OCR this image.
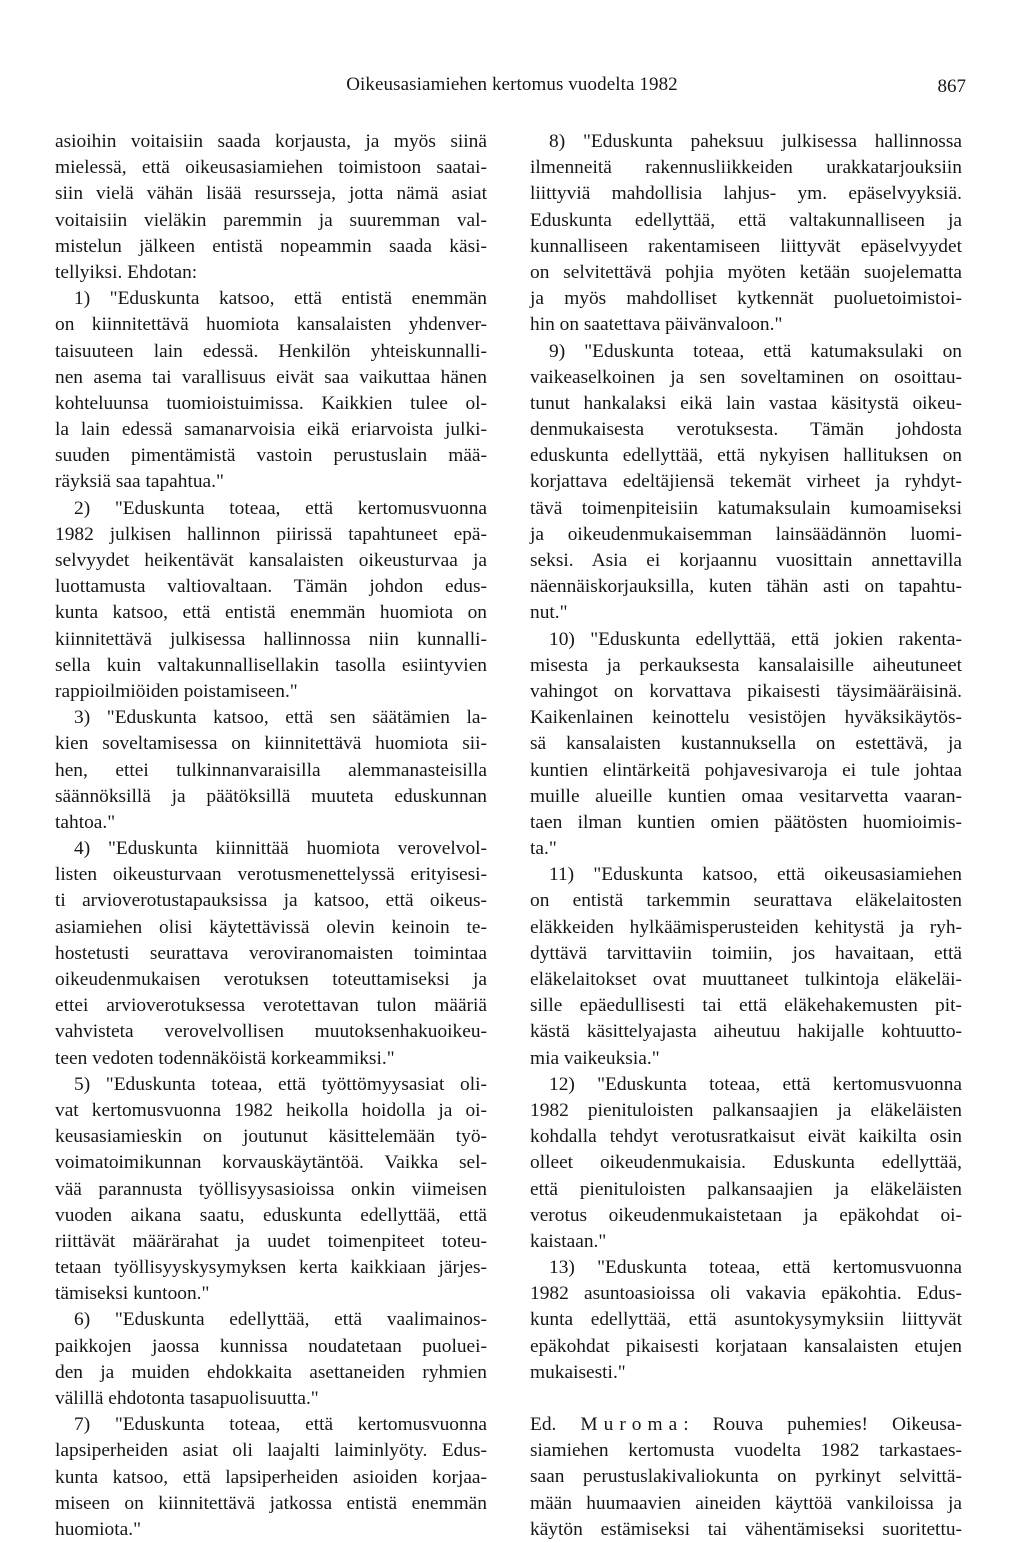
Oikeusasiamiehen kertomus vuodelta 1982	867
asioihin voitaisiin saada korjausta, ja myös siinä
mielessä, että oikeusasiamiehen toimistoon saatai-
siin vielä vähän lisää resursseja, jotta nämä asiat
voitaisiin vieläkin paremmin ja suuremman val-
mistelun jälkeen entistä nopeammin saada käsi-
tellyiksi. Ehdotan:
1) "Eduskunta katsoo, että entistä enemmän
on kiinnitettävä huomiota kansalaisten yhdenver-
taisuuteen lain edessä. Henkilön yhteiskunnalli-
nen asema tai varallisuus eivät saa vaikuttaa hänen
kohteluunsa tuomioistuimissa. Kaikkien tulee ol-
la lain edessä samanarvoisia eikä eriarvoista julki-
suuden pimentämistä vastoin perustuslain mää-
räyksiä saa tapahtua."
2) "Eduskunta toteaa, että kertomusvuonna
1982 julkisen hallinnon piirissä tapahtuneet epä-
selvyydet heikentävät kansalaisten oikeusturvaa ja
luottamusta valtiovaltaan. Tämän johdon edus-
kunta katsoo, että entistä enemmän huomiota on
kiinnitettävä julkisessa hallinnossa niin kunnalli-
sella kuin valtakunnallisellakin tasolla esiintyvien
rappioilmiöiden poistamiseen."
3) "Eduskunta katsoo, että sen säätämien la-
kien soveltamisessa on kiinnitettävä huomiota sii-
hen, ettei tulkinnanvaraisilla alemmanasteisilla
säännöksillä ja päätöksillä muuteta eduskunnan
tahtoa."
4) "Eduskunta kiinnittää huomiota verovelvol-
listen oikeusturvaan verotusmenettelyssä erityisesi-
ti arvioverotustapauksissa ja katsoo, että oikeus-
asiamiehen olisi käytettävissä olevin keinoin te-
hostetusti seurattava veroviranomaisten toimintaa
oikeudenmukaisen verotuksen toteuttamiseksi ja
ettei arvioverotuksessa verotettavan tulon määriä
vahvisteta verovelvollisen muutoksenhakuoikeu-
teen vedoten todennäköistä korkeammiksi."
5) "Eduskunta toteaa, että työttömyysasiat oli-
vat kertomusvuonna 1982 heikolla hoidolla ja oi-
keusasiamieskin on joutunut käsittelemään työ-
voimatoimikunnan korvauskäytäntöä. Vaikka sel-
vää parannusta työllisyysasioissa onkin viimeisen
vuoden aikana saatu, eduskunta edellyttää, että
riittävät määrärahat ja uudet toimenpiteet toteu-
tetaan työllisyyskysymyksen kerta kaikkiaan järjes-
tämiseksi kuntoon."
6) "Eduskunta edellyttää, että vaalimainos-
paikkojen jaossa kunnissa noudatetaan puoluei-
den ja muiden ehdokkaita asettaneiden ryhmien
välillä ehdotonta tasapuolisuutta."
7) "Eduskunta toteaa, että kertomusvuonna
lapsiperheiden asiat oli laajalti laiminlyöty. Edus-
kunta katsoo, että lapsiperheiden asioiden korjaa-
miseen on kiinnitettävä jatkossa entistä enemmän
huomiota."
8) "Eduskunta paheksuu julkisessa hallinnossa
ilmenneitä rakennusliikkeiden urakkatarjouksiin
liittyviä mahdollisia lahjus- ym. epäselvyyksiä.
Eduskunta edellyttää, että valtakunnalliseen ja
kunnalliseen rakentamiseen liittyvät epäselvyydet
on selvitettävä pohjia myöten ketään suojelematta
ja myös mahdolliset kytkennät puoluetoimistoi-
hin on saatettava päivänvaloon."
9) "Eduskunta toteaa, että katumaksulaki on
vaikeaselkoinen ja sen soveltaminen on osoittau-
tunut hankalaksi eikä lain vastaa käsitystä oikeu-
denmukaisesta verotuksesta. Tämän johdosta
eduskunta edellyttää, että nykyisen hallituksen on
korjattava edeltäjiensä tekemät virheet ja ryhdyt-
tävä toimenpiteisiin katumaksulain kumoamiseksi
ja oikeudenmukaisemman lainsäädännön luomi-
seksi. Asia ei korjaannu vuosittain annettavilla
näennäiskorjauksilla, kuten tähän asti on tapahtu-
nut."
10) "Eduskunta edellyttää, että jokien rakenta-
misesta ja perkauksesta kansalaisille aiheutuneet
vahingot on korvattava pikaisesti täysimääräisinä.
Kaikenlainen keinottelu vesistöjen hyväksikäytös-
sä kansalaisten kustannuksella on estettävä, ja
kuntien elintärkeitä pohjavesivaroja ei tule johtaa
muille alueille kuntien omaa vesitarvetta vaaran-
taen ilman kuntien omien päätösten huomioimis-
ta."
11) "Eduskunta katsoo, että oikeusasiamiehen
on entistä tarkemmin seurattava eläkelaitosten
eläkkeiden hylkäämisperusteiden kehitystä ja ryh-
dyttävä tarvittaviin toimiin, jos havaitaan, että
eläkelaitokset ovat muuttaneet tulkintoja eläkeläi-
sille epäedullisesti tai että eläkehakemusten pit-
kästä käsittelyajasta aiheutuu hakijalle kohtuutto-
mia vaikeuksia."
12) "Eduskunta toteaa, että kertomusvuonna
1982 pienituloisten palkansaajien ja eläkeläisten
kohdalla tehdyt verotusratkaisut eivät kaikilta osin
olleet oikeudenmukaisia. Eduskunta edellyttää,
että pienituloisten palkansaajien ja eläkeläisten
verotus oikeudenmukaistetaan ja epäkohdat oi-
kaistaan."
13) "Eduskunta toteaa, että kertomusvuonna
1982 asuntoasioissa oli vakavia epäkohtia. Edus-
kunta edellyttää, että asuntokysymyksiin liittyvät
epäkohdat pikaisesti korjataan kansalaisten etujen
mukaisesti."
Ed. Muroma: Rouva puhemies! Oikeusa-
siamiehen kertomusta vuodelta 1982 tarkastaes-
saan perustuslakivaliokunta on pyrkinyt selvittä-
mään huumaavien aineiden käyttöä vankiloissa ja
käytön estämiseksi tai vähentämiseksi suoritettu-
